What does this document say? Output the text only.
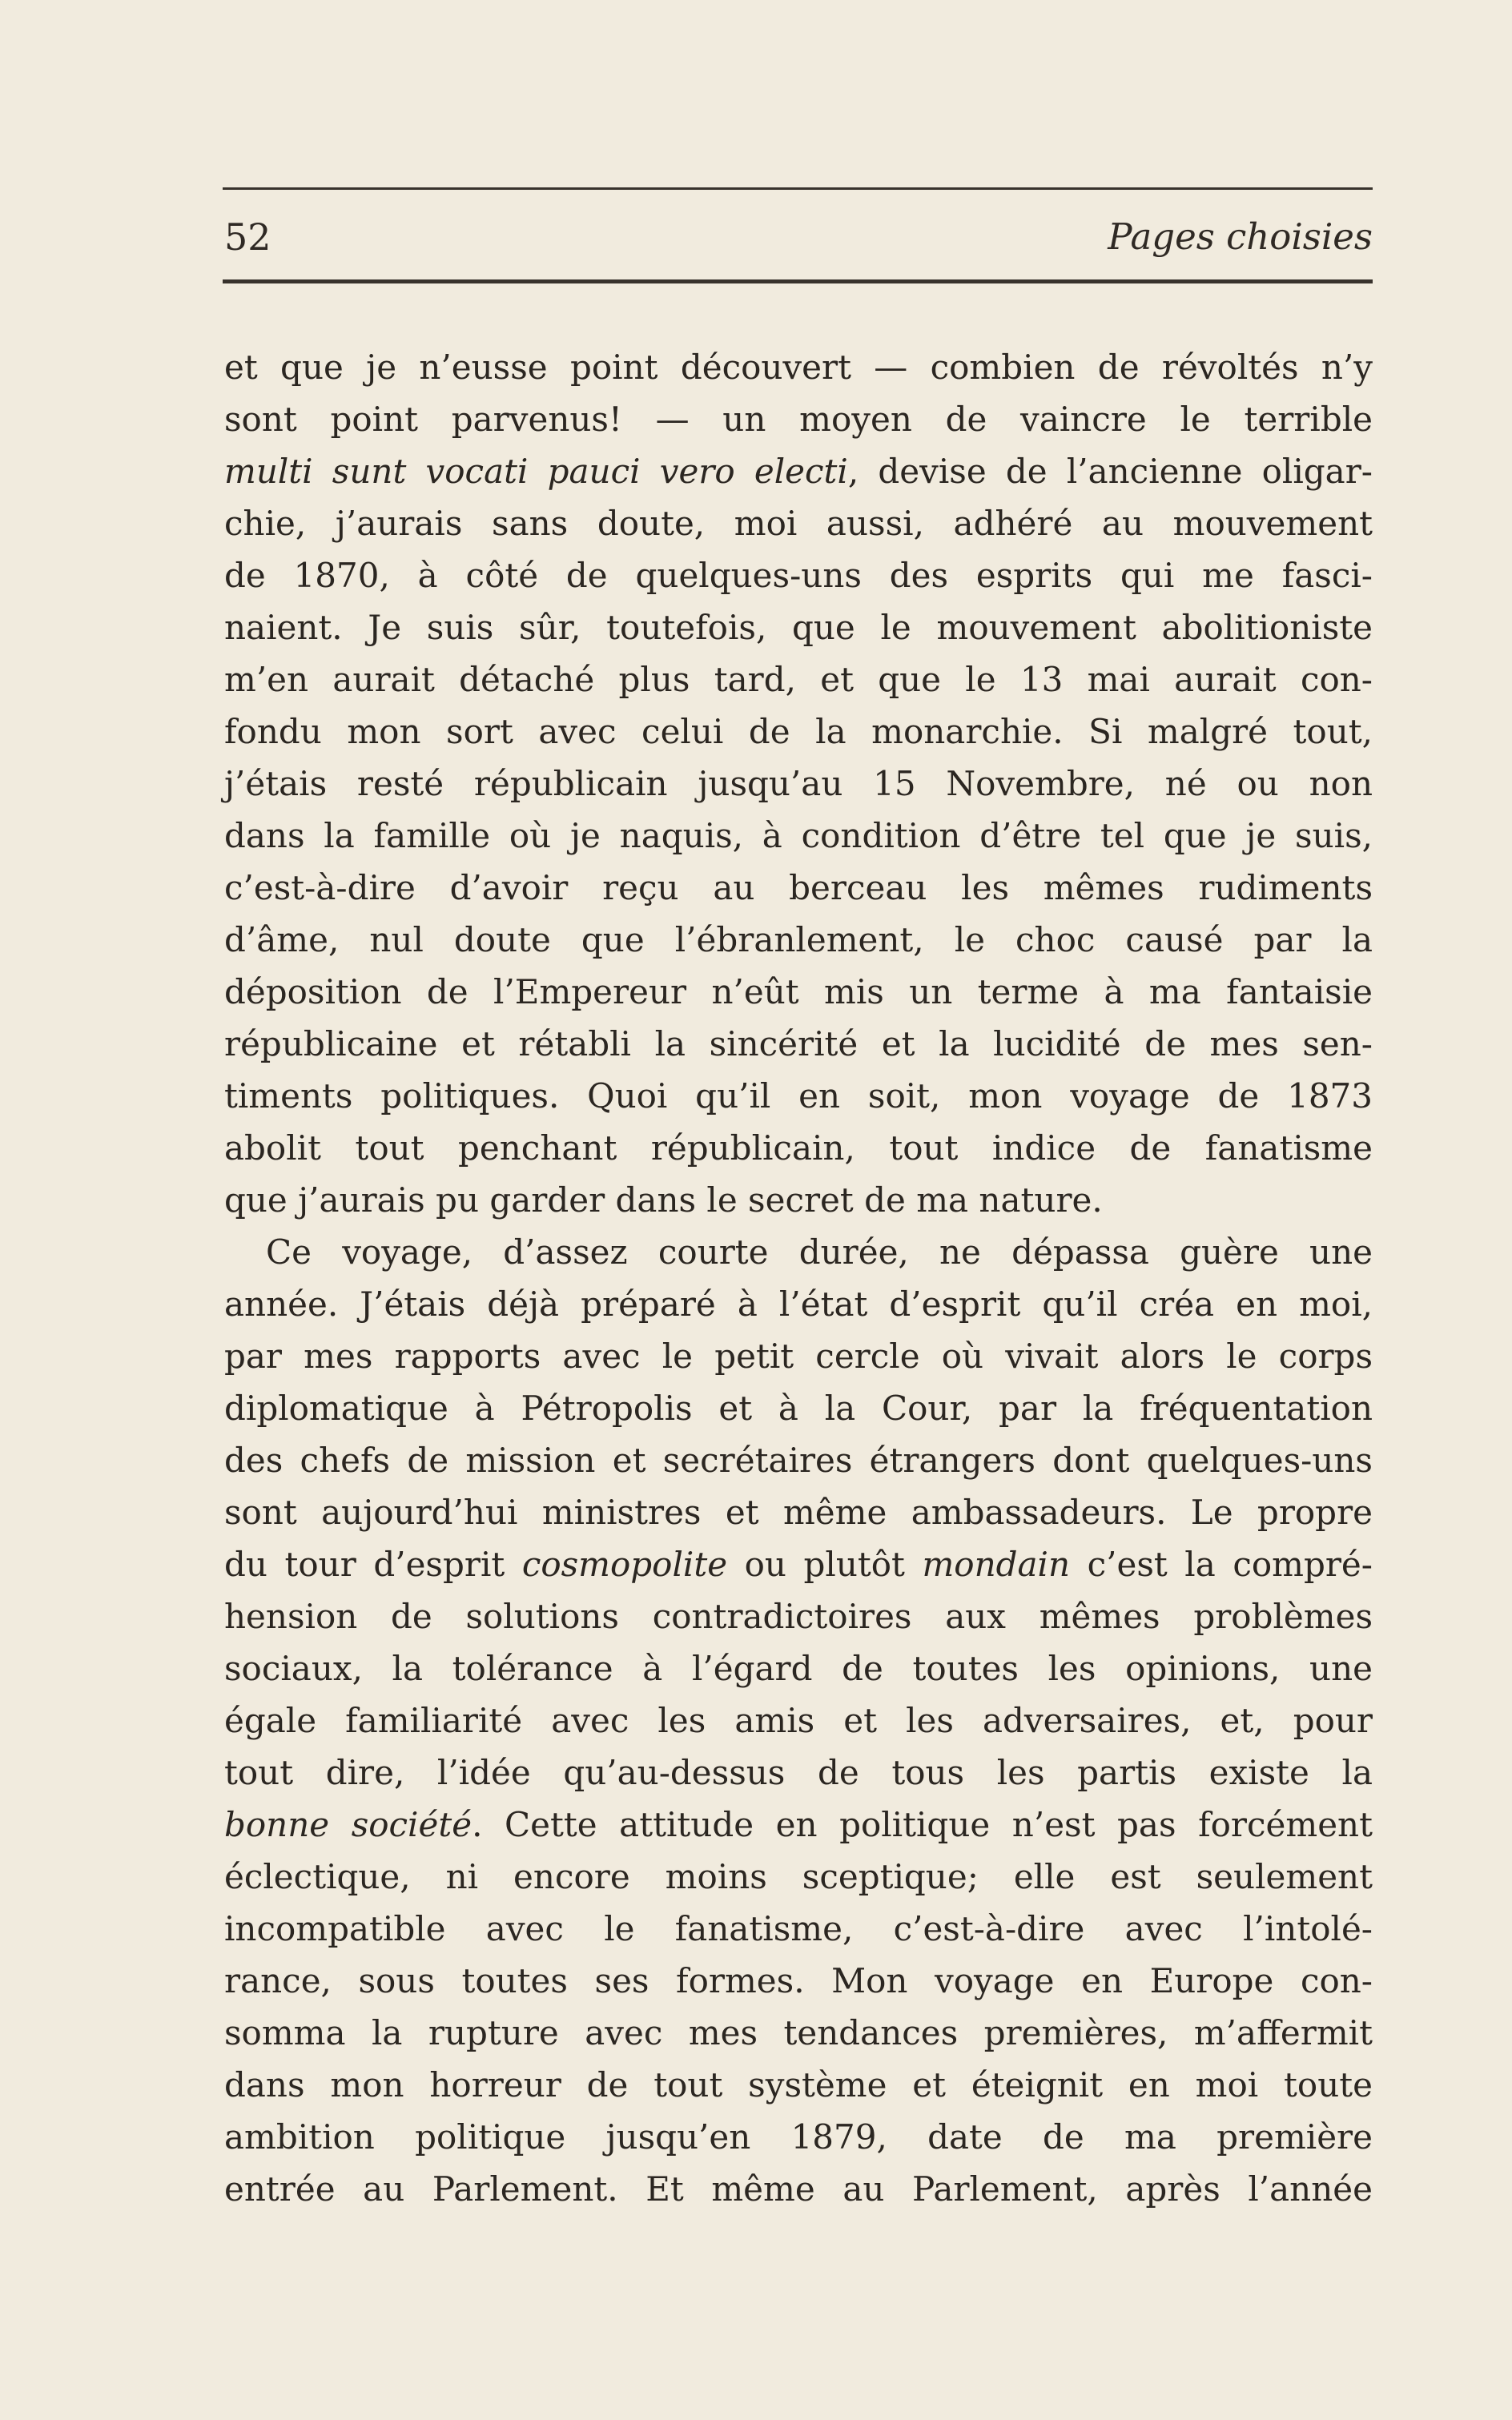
52	Pages choisies
et que je n’eusse point découvert — combien de révoltés n’y
sont point parvenus! — un moyen de vaincre le terrible
multi sunt vocati pauci vero electi, devise de l’ancienne oligar-
chie, j’aurais sans doute, moi aussi, adhéré au mouvement
de 1870, à côté de quelques-uns des esprits qui me fasci-
naient. Je suis sûr, toutefois, que le mouvement abolitioniste
m’en aurait détaché plus tard, et que le 13 mai aurait con-
fondu mon sort avec celui de la monarchie. Si malgré tout,
j’étais resté républicain jusqu’au 15 Novembre, né ou non
dans la famille où je naquis, à condition d’être tel que je suis,
c’est-à-dire d’avoir reçu au berceau les mêmes rudiments
d’âme, nul doute que l’ébranlement, le choc causé par la
déposition de l’Empereur n’eût mis un terme à ma fantaisie
républicaine et rétabli la sincérité et la lucidité de mes sen-
timents politiques. Quoi qu’il en soit, mon voyage de 1873
abolit tout penchant républicain, tout indice de fanatisme
que j’aurais pu garder dans le secret de ma nature.
Ce voyage, d’assez courte durée, ne dépassa guère une
année. J’étais déjà préparé à l’état d’esprit qu’il créa en moi,
par mes rapports avec le petit cercle où vivait alors le corps
diplomatique à Pétropolis et à la Cour, par la fréquentation
des chefs de mission et secrétaires étrangers dont quelques-uns
sont aujourd’hui ministres et même ambassadeurs. Le propre
du tour d’esprit cosmopolite ou plutôt mondain c’est la compré-
hension de solutions contradictoires aux mêmes problèmes
sociaux, la tolérance à l’égard de toutes les opinions, une
égale familiarité avec les amis et les adversaires, et, pour
tout dire, l’idée qu’au-dessus de tous les partis existe la
bonne société. Cette attitude en politique n’est pas forcément
éclectique, ni encore moins sceptique; elle est seulement
incompatible avec le fanatisme, c’est-à-dire avec l’intolé-
rance, sous toutes ses formes. Mon voyage en Europe con-
somma la rupture avec mes tendances premières, m’affermit
dans mon horreur de tout système et éteignit en moi toute
ambition politique jusqu’en 1879, date de ma première
entrée au Parlement. Et même au Parlement, après l’année
